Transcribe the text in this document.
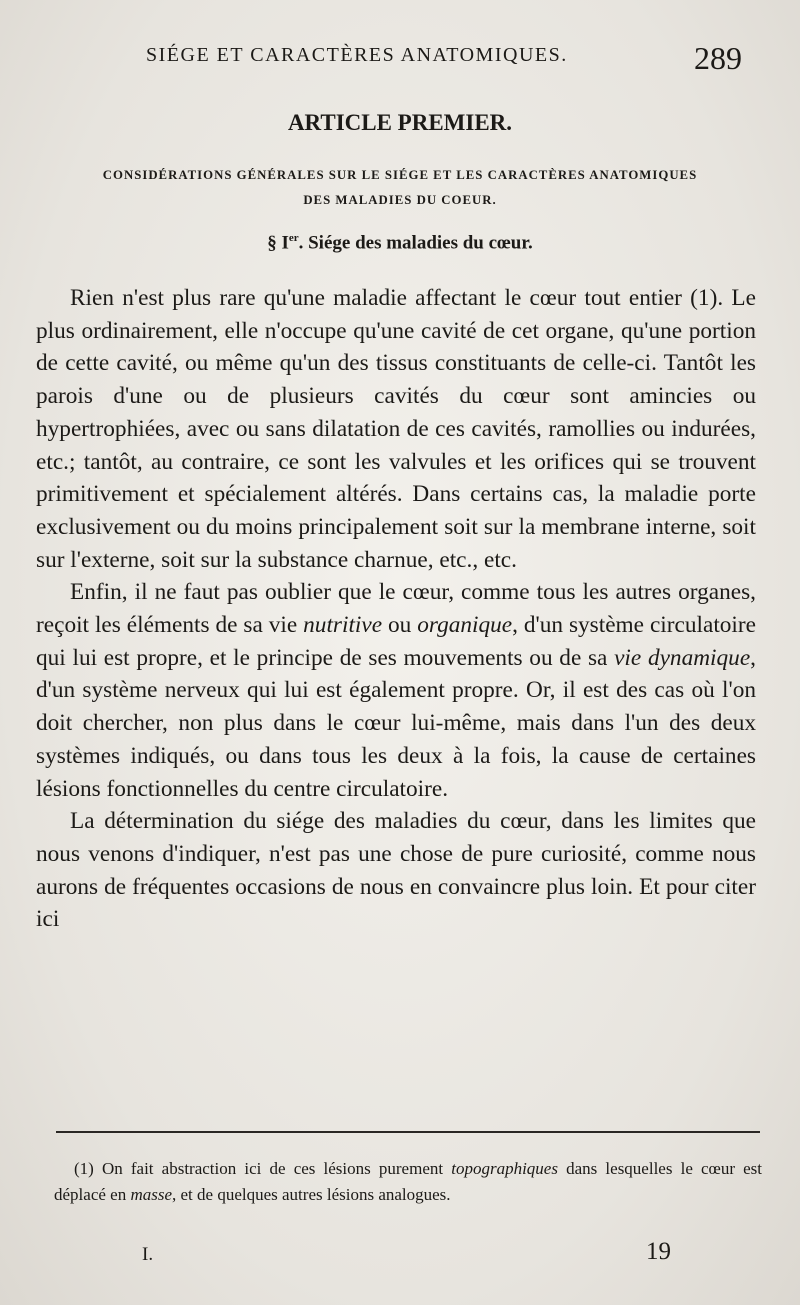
SIÉGE ET CARACTÈRES ANATOMIQUES.	289
ARTICLE PREMIER.
CONSIDÉRATIONS GÉNÉRALES SUR LE SIÉGE ET LES CARACTÈRES ANATOMIQUES
DES MALADIES DU COEUR.
§ Ier. Siége des maladies du cœur.

Rien n'est plus rare qu'une maladie affectant le cœur tout entier (1). Le plus ordinairement, elle n'occupe qu'une cavité de cet organe, qu'une portion de cette cavité, ou même qu'un des tissus constituants de celle-ci. Tantôt les parois d'une ou de plusieurs cavités du cœur sont amincies ou hypertrophiées, avec ou sans dilatation de ces cavités, ramollies ou indurées, etc.; tantôt, au contraire, ce sont les valvules et les orifices qui se trouvent primitivement et spécialement altérés. Dans certains cas, la maladie porte exclusivement ou du moins principalement soit sur la membrane interne, soit sur l'externe, soit sur la substance charnue, etc., etc.

Enfin, il ne faut pas oublier que le cœur, comme tous les autres organes, reçoit les éléments de sa vie nutritive ou organique, d'un système circulatoire qui lui est propre, et le principe de ses mouvements ou de sa vie dynamique, d'un système nerveux qui lui est également propre. Or, il est des cas où l'on doit chercher, non plus dans le cœur lui-même, mais dans l'un des deux systèmes indiqués, ou dans tous les deux à la fois, la cause de certaines lésions fonctionnelles du centre circulatoire.

La détermination du siége des maladies du cœur, dans les limites que nous venons d'indiquer, n'est pas une chose de pure curiosité, comme nous aurons de fréquentes occasions de nous en convaincre plus loin. Et pour citer ici

(1) On fait abstraction ici de ces lésions purement topographiques dans lesquelles le cœur est déplacé en masse, et de quelques autres lésions analogues.
I.	19
